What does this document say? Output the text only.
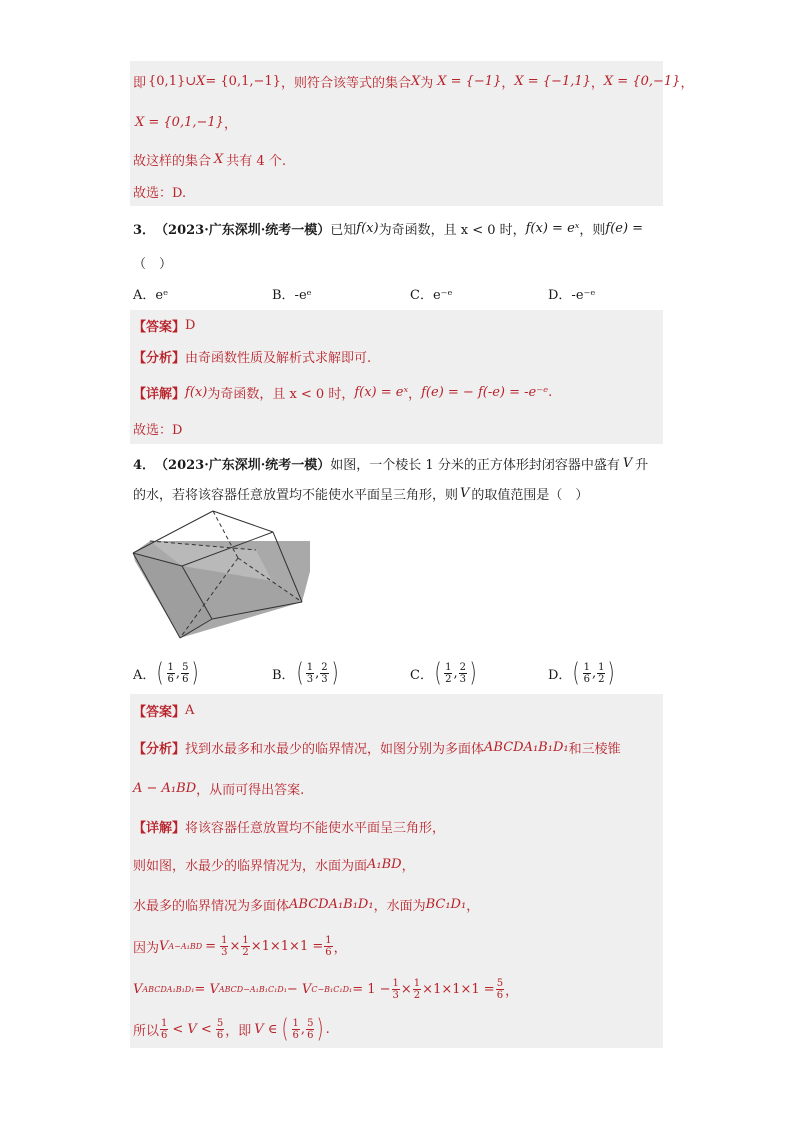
即 {0,1}∪ X = {0,1,−1} ，则符合该等式的集合 X 为 X = {−1} ， X = {−1,1} ， X = {0,−1} ，
X = {0,1,−1} ，
故这样的集合 X 共有 4 个.
故选：D.
3． （2023·广东深圳·统考一模） 已知 f(x) 为奇函数，且 x < 0 时， f(x) = eˣ ，则 f(e) =
（　）
A．eᵉ	B．-eᵉ	C．e⁻ᵉ	D．-e⁻ᵉ
【答案】 D
【分析】 由奇函数性质及解析式求解即可.
【详解】 f(x) 为奇函数，且 x < 0 时， f(x) = eˣ ， f(e) = − f(-e) = -e⁻ᵉ .
故选：D
4． （2023·广东深圳·统考一模） 如图，一个棱长 1 分米的正方体形封闭容器中盛有 V 升
的水，若将该容器任意放置均不能使水平面呈三角形，则 V 的取值范围是（　）
A． ( $\frac{1}{6}$ , $\frac{5}{6}$ )	B． ( $\frac{1}{3}$ , $\frac{2}{3}$ )	C． ( $\frac{1}{2}$ , $\frac{2}{3}$ )	D． ( $\frac{1}{6}$ , $\frac{1}{2}$ )
【答案】 A
【分析】 找到水最多和水最少的临界情况，如图分别为多面体 ABCDA₁B₁D₁ 和三棱锥
A − A₁BD ，从而可得出答案.
【详解】 将该容器任意放置均不能使水平面呈三角形，
则如图，水最少的临界情况为，水面为面 A₁BD ，
水最多的临界情况为多面体 ABCDA₁B₁D₁ ，水面为 BC₁D₁ ，
因为 V $A-A_1BD = \frac{1}{3} \times \frac{1}{2} \times 1\times 1\times 1 = \frac{1}{6}$ ，
V ABCDA₁B₁D₁ = V ABCD−A₁B₁C₁D₁ − V $C-B_1C_1D_1 = 1 - \frac{1}{3} \times \frac{1}{2} \times 1\times 1\times 1 = \frac{5}{6}$ ，
所以 $\frac{1}{6} < V < \frac{5}{6}$ ，即 V ∈ ( $\frac{1}{6}$ , $\frac{5}{6}$ ) .
